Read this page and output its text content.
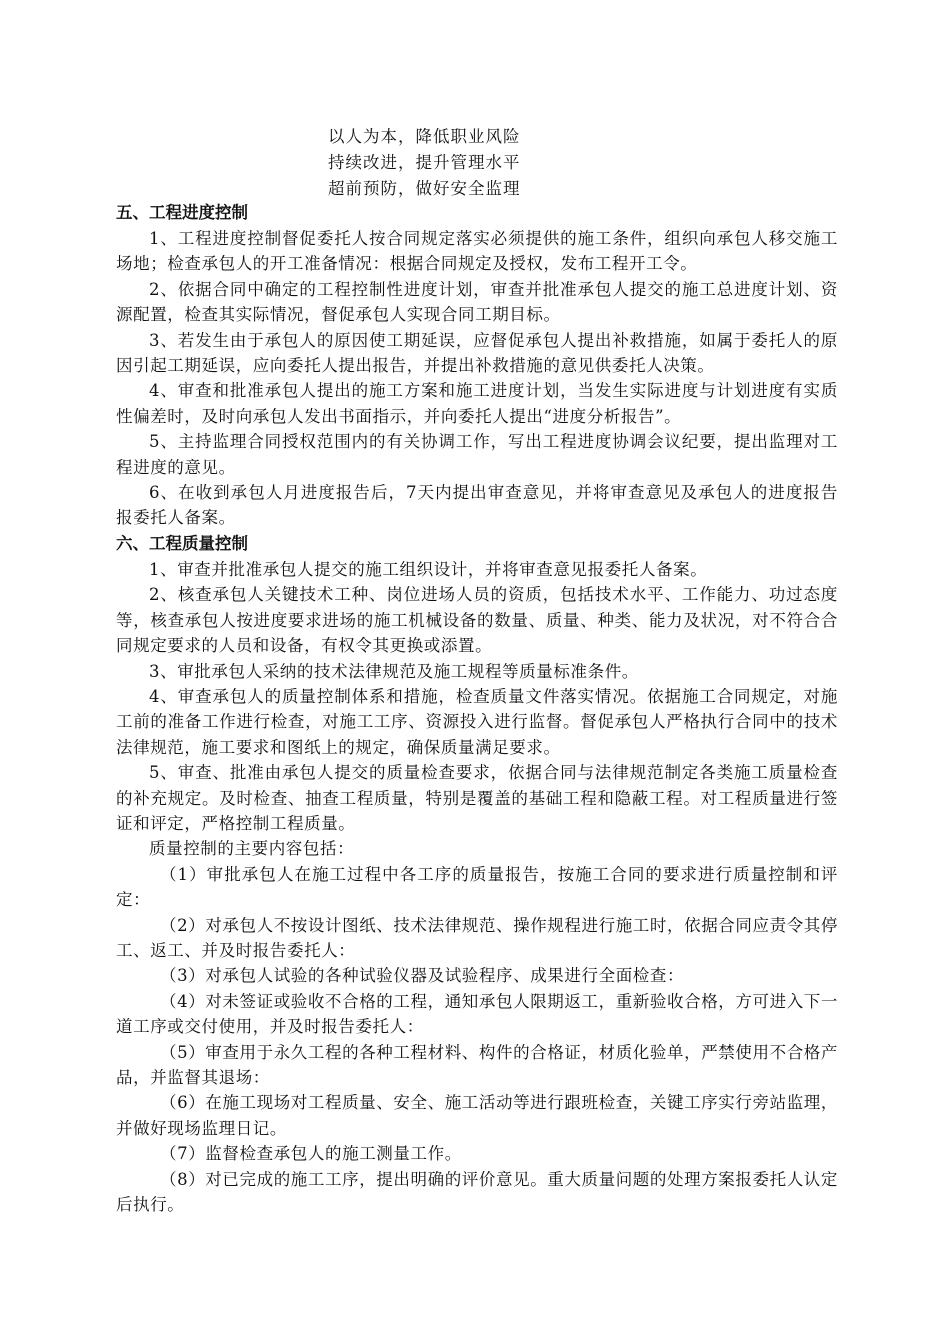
以人为本，降低职业风险
持续改进，提升管理水平
超前预防，做好安全监理
五、工程进度控制

1、工程进度控制督促委托人按合同规定落实必须提供的施工条件，组织向承包人移交施工场地；检查承包人的开工准备情况：根据合同规定及授权，发布工程开工令。

2、依据合同中确定的工程控制性进度计划，审查并批准承包人提交的施工总进度计划、资源配置，检查其实际情况，督促承包人实现合同工期目标。

3、若发生由于承包人的原因使工期延误，应督促承包人提出补救措施，如属于委托人的原因引起工期延误，应向委托人提出报告，并提出补救措施的意见供委托人决策。

4、审查和批准承包人提出的施工方案和施工进度计划，当发生实际进度与计划进度有实质性偏差时，及时向承包人发出书面指示，并向委托人提出“进度分析报告”。

5、主持监理合同授权范围内的有关协调工作，写出工程进度协调会议纪要，提出监理对工程进度的意见。

6、在收到承包人月进度报告后，7天内提出审查意见，并将审查意见及承包人的进度报告报委托人备案。

六、工程质量控制

1、审查并批准承包人提交的施工组织设计，并将审查意见报委托人备案。

2、核查承包人关键技术工种、岗位进场人员的资质，包括技术水平、工作能力、功过态度等，核查承包人按进度要求进场的施工机械设备的数量、质量、种类、能力及状况，对不符合合同规定要求的人员和设备，有权令其更换或添置。

3、审批承包人采纳的技术法律规范及施工规程等质量标准条件。

4、审查承包人的质量控制体系和措施，检查质量文件落实情况。依据施工合同规定，对施工前的准备工作进行检查，对施工工序、资源投入进行监督。督促承包人严格执行合同中的技术法律规范，施工要求和图纸上的规定，确保质量满足要求。

5、审查、批准由承包人提交的质量检查要求，依据合同与法律规范制定各类施工质量检查的补充规定。及时检查、抽查工程质量，特别是覆盖的基础工程和隐蔽工程。对工程质量进行签证和评定，严格控制工程质量。

质量控制的主要内容包括：

（1）审批承包人在施工过程中各工序的质量报告，按施工合同的要求进行质量控制和评定：

（2）对承包人不按设计图纸、技术法律规范、操作规程进行施工时，依据合同应责令其停工、返工、并及时报告委托人：

（3）对承包人试验的各种试验仪器及试验程序、成果进行全面检查：

（4）对未签证或验收不合格的工程，通知承包人限期返工，重新验收合格，方可进入下一道工序或交付使用，并及时报告委托人：

（5）审查用于永久工程的各种工程材料、构件的合格证，材质化验单，严禁使用不合格产品，并监督其退场：

（6）在施工现场对工程质量、安全、施工活动等进行跟班检查，关键工序实行旁站监理，并做好现场监理日记。

（7）监督检查承包人的施工测量工作。

（8）对已完成的施工工序，提出明确的评价意见。重大质量问题的处理方案报委托人认定后执行。
